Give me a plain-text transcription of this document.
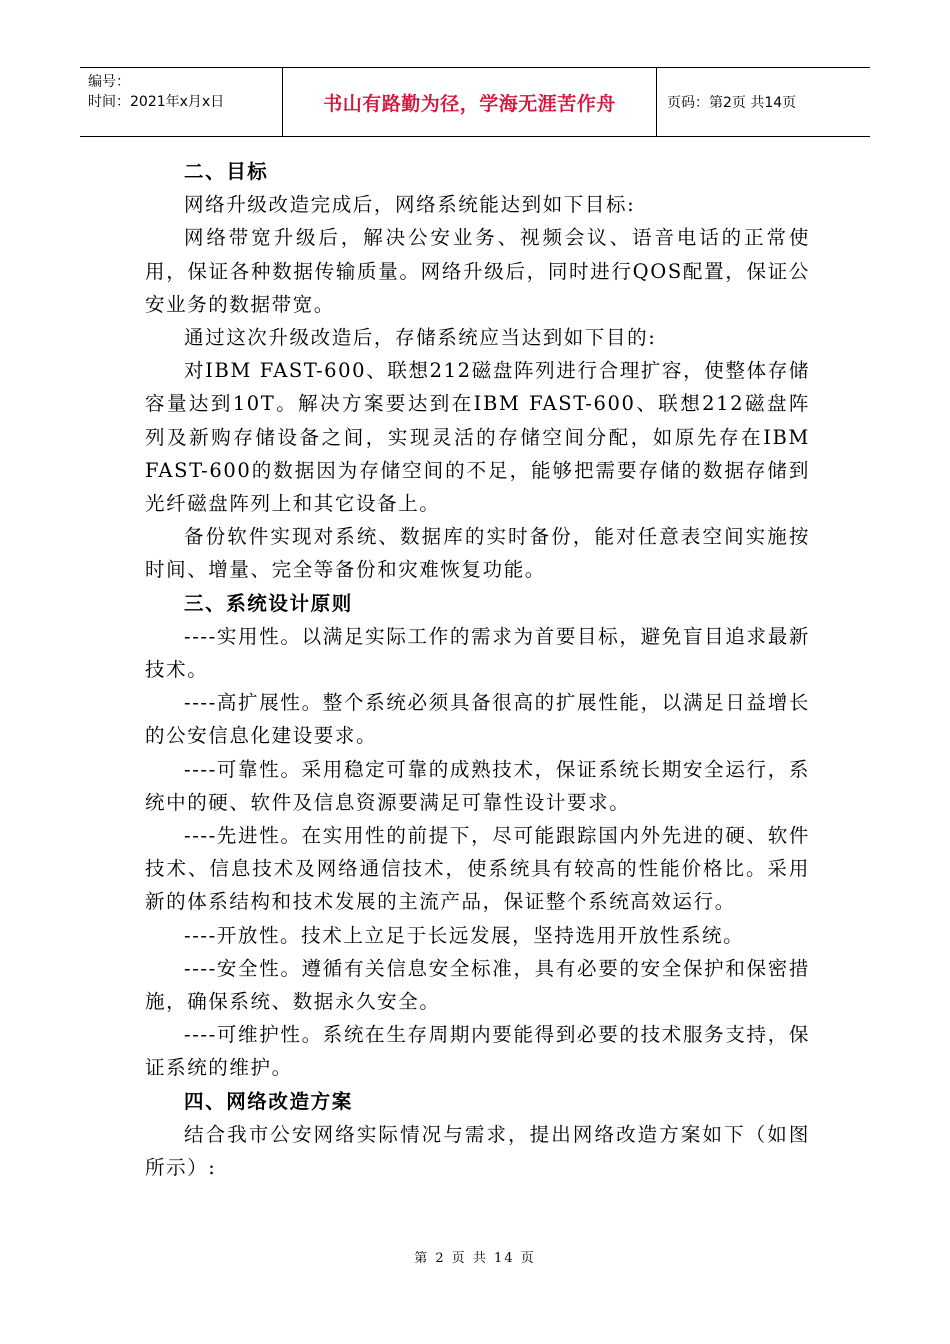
编号：
时间：2021年x月x日	书山有路勤为径，学海无涯苦作舟	页码：第2页 共14页

二、目标

网络升级改造完成后，网络系统能达到如下目标:

网络带宽升级后，解决公安业务、视频会议、语音电话的正常使用，保证各种数据传输质量。网络升级后，同时进行QOS配置，保证公安业务的数据带宽。

通过这次升级改造后，存储系统应当达到如下目的:

对IBM FAST-600、联想212磁盘阵列进行合理扩容，使整体存储容量达到10T。解决方案要达到在IBM FAST-600、联想212磁盘阵列及新购存储设备之间，实现灵活的存储空间分配，如原先存在IBM FAST-600的数据因为存储空间的不足，能够把需要存储的数据存储到光纤磁盘阵列上和其它设备上。

备份软件实现对系统、数据库的实时备份，能对任意表空间实施按时间、增量、完全等备份和灾难恢复功能。

三、系统设计原则

----实用性。以满足实际工作的需求为首要目标，避免盲目追求最新技术。

----高扩展性。整个系统必须具备很高的扩展性能，以满足日益增长的公安信息化建设要求。

----可靠性。采用稳定可靠的成熟技术，保证系统长期安全运行，系统中的硬、软件及信息资源要满足可靠性设计要求。

----先进性。在实用性的前提下，尽可能跟踪国内外先进的硬、软件技术、信息技术及网络通信技术，使系统具有较高的性能价格比。采用新的体系结构和技术发展的主流产品，保证整个系统高效运行。

----开放性。技术上立足于长远发展，坚持选用开放性系统。

----安全性。遵循有关信息安全标准，具有必要的安全保护和保密措施，确保系统、数据永久安全。

----可维护性。系统在生存周期内要能得到必要的技术服务支持，保证系统的维护。

四、网络改造方案

结合我市公安网络实际情况与需求，提出网络改造方案如下（如图所示）:

第 2 页 共 14 页
